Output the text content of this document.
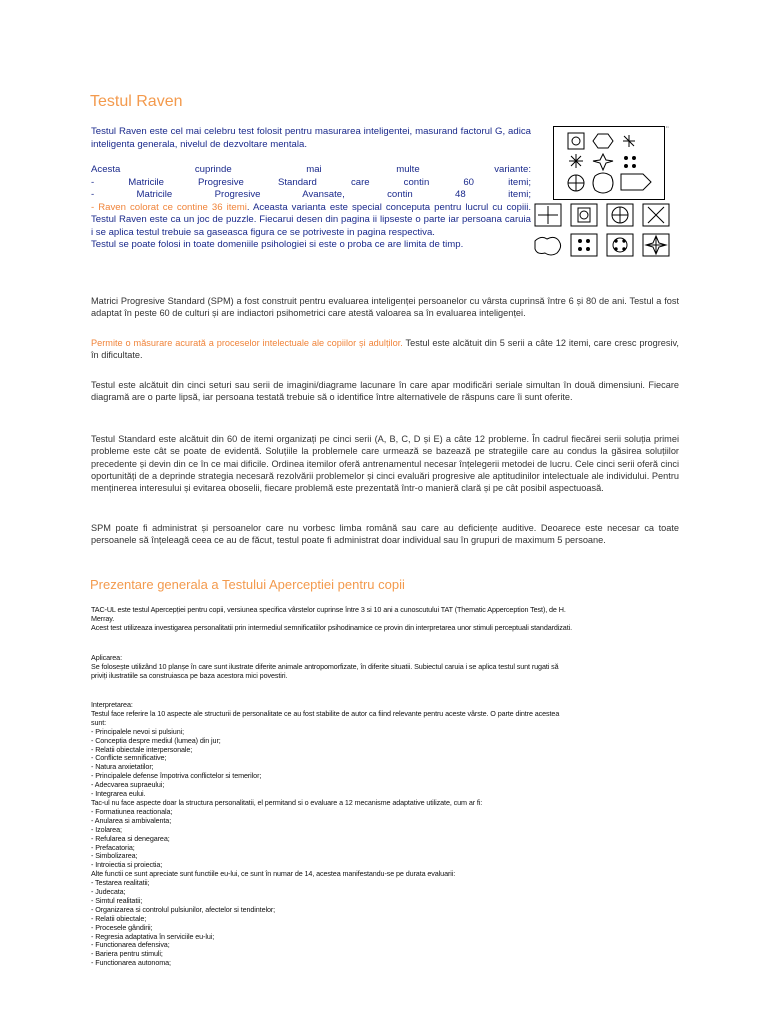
Testul Raven

Testul Raven este cel mai celebru test folosit pentru masurarea inteligentei, masurand factorul G, adica inteligenta generala, nivelul de dezvoltare mentala.

Acesta cuprinde mai multe variante:

- Matricile Progresive Standard care contin 60 itemi;

- Matricile Progresive Avansate, contin 48 itemi;

- Raven colorat ce contine 36 itemi. Aceasta varianta este special conceputa pentru lucrul cu copiii.

Testul Raven este ca un joc de puzzle. Fiecarui desen din pagina ii lipseste o parte iar persoana caruia i se aplica testul trebuie sa gaseasca figura ce se potriveste in pagina respectiva.

Testul se poate folosi in toate domeniile psihologiei si este o proba ce are limita de timp.

ʼʼ
Matrici Progresive Standard (SPM) a fost construit pentru evaluarea inteligenței persoanelor cu vârsta cuprinsă între 6 și 80 de ani. Testul a fost adaptat în peste 60 de culturi și are indiactori psihometrici care atestă valoarea sa în evaluarea inteligenței.
Permite o măsurare acurată a proceselor intelectuale ale copiilor și adulților. Testul este alcătuit din 5 serii a câte 12 itemi, care cresc progresiv, în dificultate.
Testul este alcătuit din cinci seturi sau serii de imagini/diagrame lacunare în care apar modificări seriale simultan în două dimensiuni. Fiecare diagramă are o parte lipsă, iar persoana testată trebuie să o identifice între alternativele de răspuns care îi sunt oferite.
Testul Standard este alcătuit din 60 de itemi organizați pe cinci serii (A, B, C, D și E) a câte 12 probleme. În cadrul fiecărei serii soluția primei probleme este cât se poate de evidentă. Soluțiile la problemele care urmează se bazează pe strategiile care au condus la găsirea soluțiilor precedente și devin din ce în ce mai dificile. Ordinea itemilor oferă antrenamentul necesar înțelegerii metodei de lucru. Cele cinci serii oferă cinci oportunități de a deprinde strategia necesară rezolvării problemelor și cinci evaluări progresive ale aptitudinilor intelectuale ale individului. Pentru menținerea interesului și evitarea oboselii, fiecare problemă este prezentată într-o manieră clară și pe cât posibil aspectuoasă.
SPM poate fi administrat și persoanelor care nu vorbesc limba română sau care au deficiențe auditive. Deoarece este necesar ca toate persoanele să înțeleagă ceea ce au de făcut, testul poate fi administrat doar individual sau în grupuri de maximum 5 persoane.
Prezentare generala a Testului Aperceptiei pentru copii
TAC-UL este testul Apercepției pentru copii, versiunea specifica vârstelor cuprinse între 3 si 10 ani a cunoscutului TAT (Thematic Apperception Test), de H.
Merray.
Acest test utilizeaza investigarea personalitatii prin intermediul semnificatiilor psihodinamice ce provin din interpretarea unor stimuli perceptuali standardizati.
Aplicarea:
Se folosește utilizând 10 planșe în care sunt ilustrate diferite animale antropomorfizate, în diferite situatii. Subiectul caruia i se aplica testul sunt rugati să
priviți ilustratiile sa construiasca pe baza acestora mici povestiri.
Interpretarea:
Testul face referire la 10 aspecte ale structurii de personalitate ce au fost stabilite de autor ca fiind relevante pentru aceste vârste. O parte dintre acestea
sunt:
- Principalele nevoi si pulsiuni;
- Conceptia despre mediul (lumea) din jur;
- Relatii obiectale interpersonale;
- Conflicte semnificative;
- Natura anxietatilor;
- Principalele defense împotriva conflictelor si temerilor;
- Adecvarea supraeului;
- Integrarea eului.
Tac-ul nu face aspecte doar la structura personalitatii, el permitand si o evaluare a 12 mecanisme adaptative utilizate, cum ar fi:
- Formatiunea reactionala;
- Anularea si ambivalenta;
- Izolarea;
- Refularea si denegarea;
- Prefacatoria;
- Simbolizarea;
- Introiectia si proiectia;
Alte functii ce sunt apreciate sunt functiile eu-lui, ce sunt în numar de 14, acestea manifestandu-se pe durata evaluarii:
- Testarea realitatii;
- Judecata;
- Simtul realitatii;
- Organizarea si controlul pulsiunilor, afectelor si tendintelor;
- Relatii obiectale;
- Procesele gândirii;
- Regresia adaptativa în serviciile eu-lui;
- Functionarea defensiva;
- Bariera pentru stimuli;
- Functionarea autonoma;
